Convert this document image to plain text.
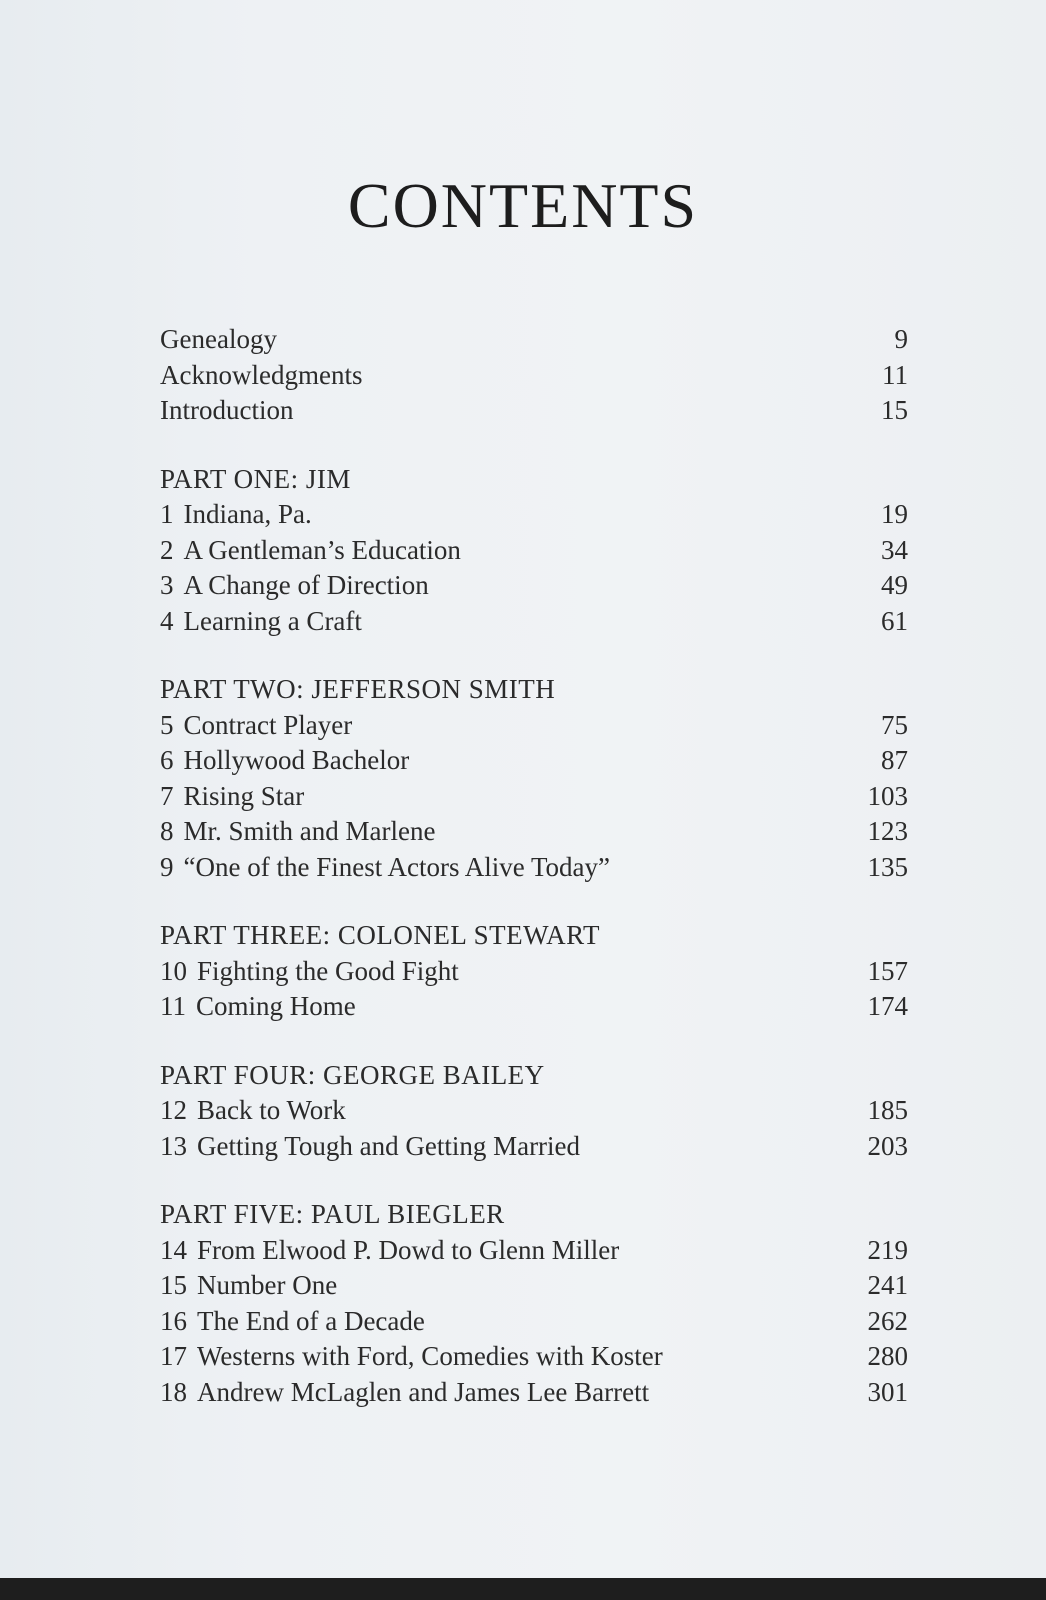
CONTENTS
Genealogy	9
Acknowledgments	11
Introduction	15
PART ONE: JIM
1 Indiana, Pa.	19
2 A Gentleman’s Education	34
3 A Change of Direction	49
4 Learning a Craft	61
PART TWO: JEFFERSON SMITH
5 Contract Player	75
6 Hollywood Bachelor	87
7 Rising Star	103
8 Mr. Smith and Marlene	123
9 “One of the Finest Actors Alive Today”	135
PART THREE: COLONEL STEWART
10 Fighting the Good Fight	157
11 Coming Home	174
PART FOUR: GEORGE BAILEY
12 Back to Work	185
13 Getting Tough and Getting Married	203
PART FIVE: PAUL BIEGLER
14 From Elwood P. Dowd to Glenn Miller	219
15 Number One	241
16 The End of a Decade	262
17 Westerns with Ford, Comedies with Koster	280
18 Andrew McLaglen and James Lee Barrett	301
